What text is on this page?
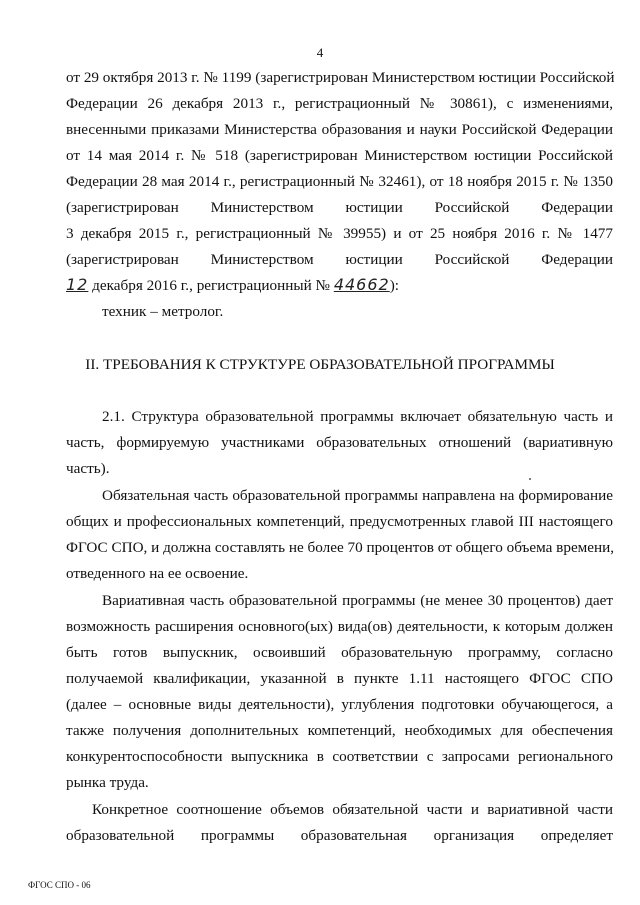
4
от 29 октября 2013 г. № 1199 (зарегистрирован Министерством юстиции Российской
Федерации 26 декабря 2013 г., регистрационный № 30861), с изменениями,
внесенными приказами Министерства образования и науки Российской Федерации
от 14 мая 2014 г. № 518 (зарегистрирован Министерством юстиции Российской
Федерации 28 мая 2014 г., регистрационный № 32461), от 18 ноября 2015 г. № 1350
(зарегистрирован Министерством юстиции Российской Федерации
3 декабря 2015 г., регистрационный № 39955) и от 25 ноября 2016 г. № 1477
(зарегистрирован Министерством юстиции Российской Федерации
12 декабря 2016 г., регистрационный № 44662):
техник – метролог.
II. ТРЕБОВАНИЯ К СТРУКТУРЕ ОБРАЗОВАТЕЛЬНОЙ ПРОГРАММЫ
2.1. Структура образовательной программы включает обязательную часть и
часть, формируемую участниками образовательных отношений (вариативную
часть).
Обязательная часть образовательной программы направлена на формирование
общих и профессиональных компетенций, предусмотренных главой III настоящего
ФГОС СПО, и должна составлять не более 70 процентов от общего объема времени,
отведенного на ее освоение.
Вариативная часть образовательной программы (не менее 30 процентов) дает
возможность расширения основного(ых) вида(ов) деятельности, к которым должен
быть готов выпускник, освоивший образовательную программу, согласно
получаемой квалификации, указанной в пункте 1.11 настоящего ФГОС СПО
(далее – основные виды деятельности), углубления подготовки обучающегося, а
также получения дополнительных компетенций, необходимых для обеспечения
конкурентоспособности выпускника в соответствии с запросами регионального
рынка труда.
Конкретное соотношение объемов обязательной части и вариативной части
образовательной программы образовательная организация определяет
ФГОС СПО - 06
